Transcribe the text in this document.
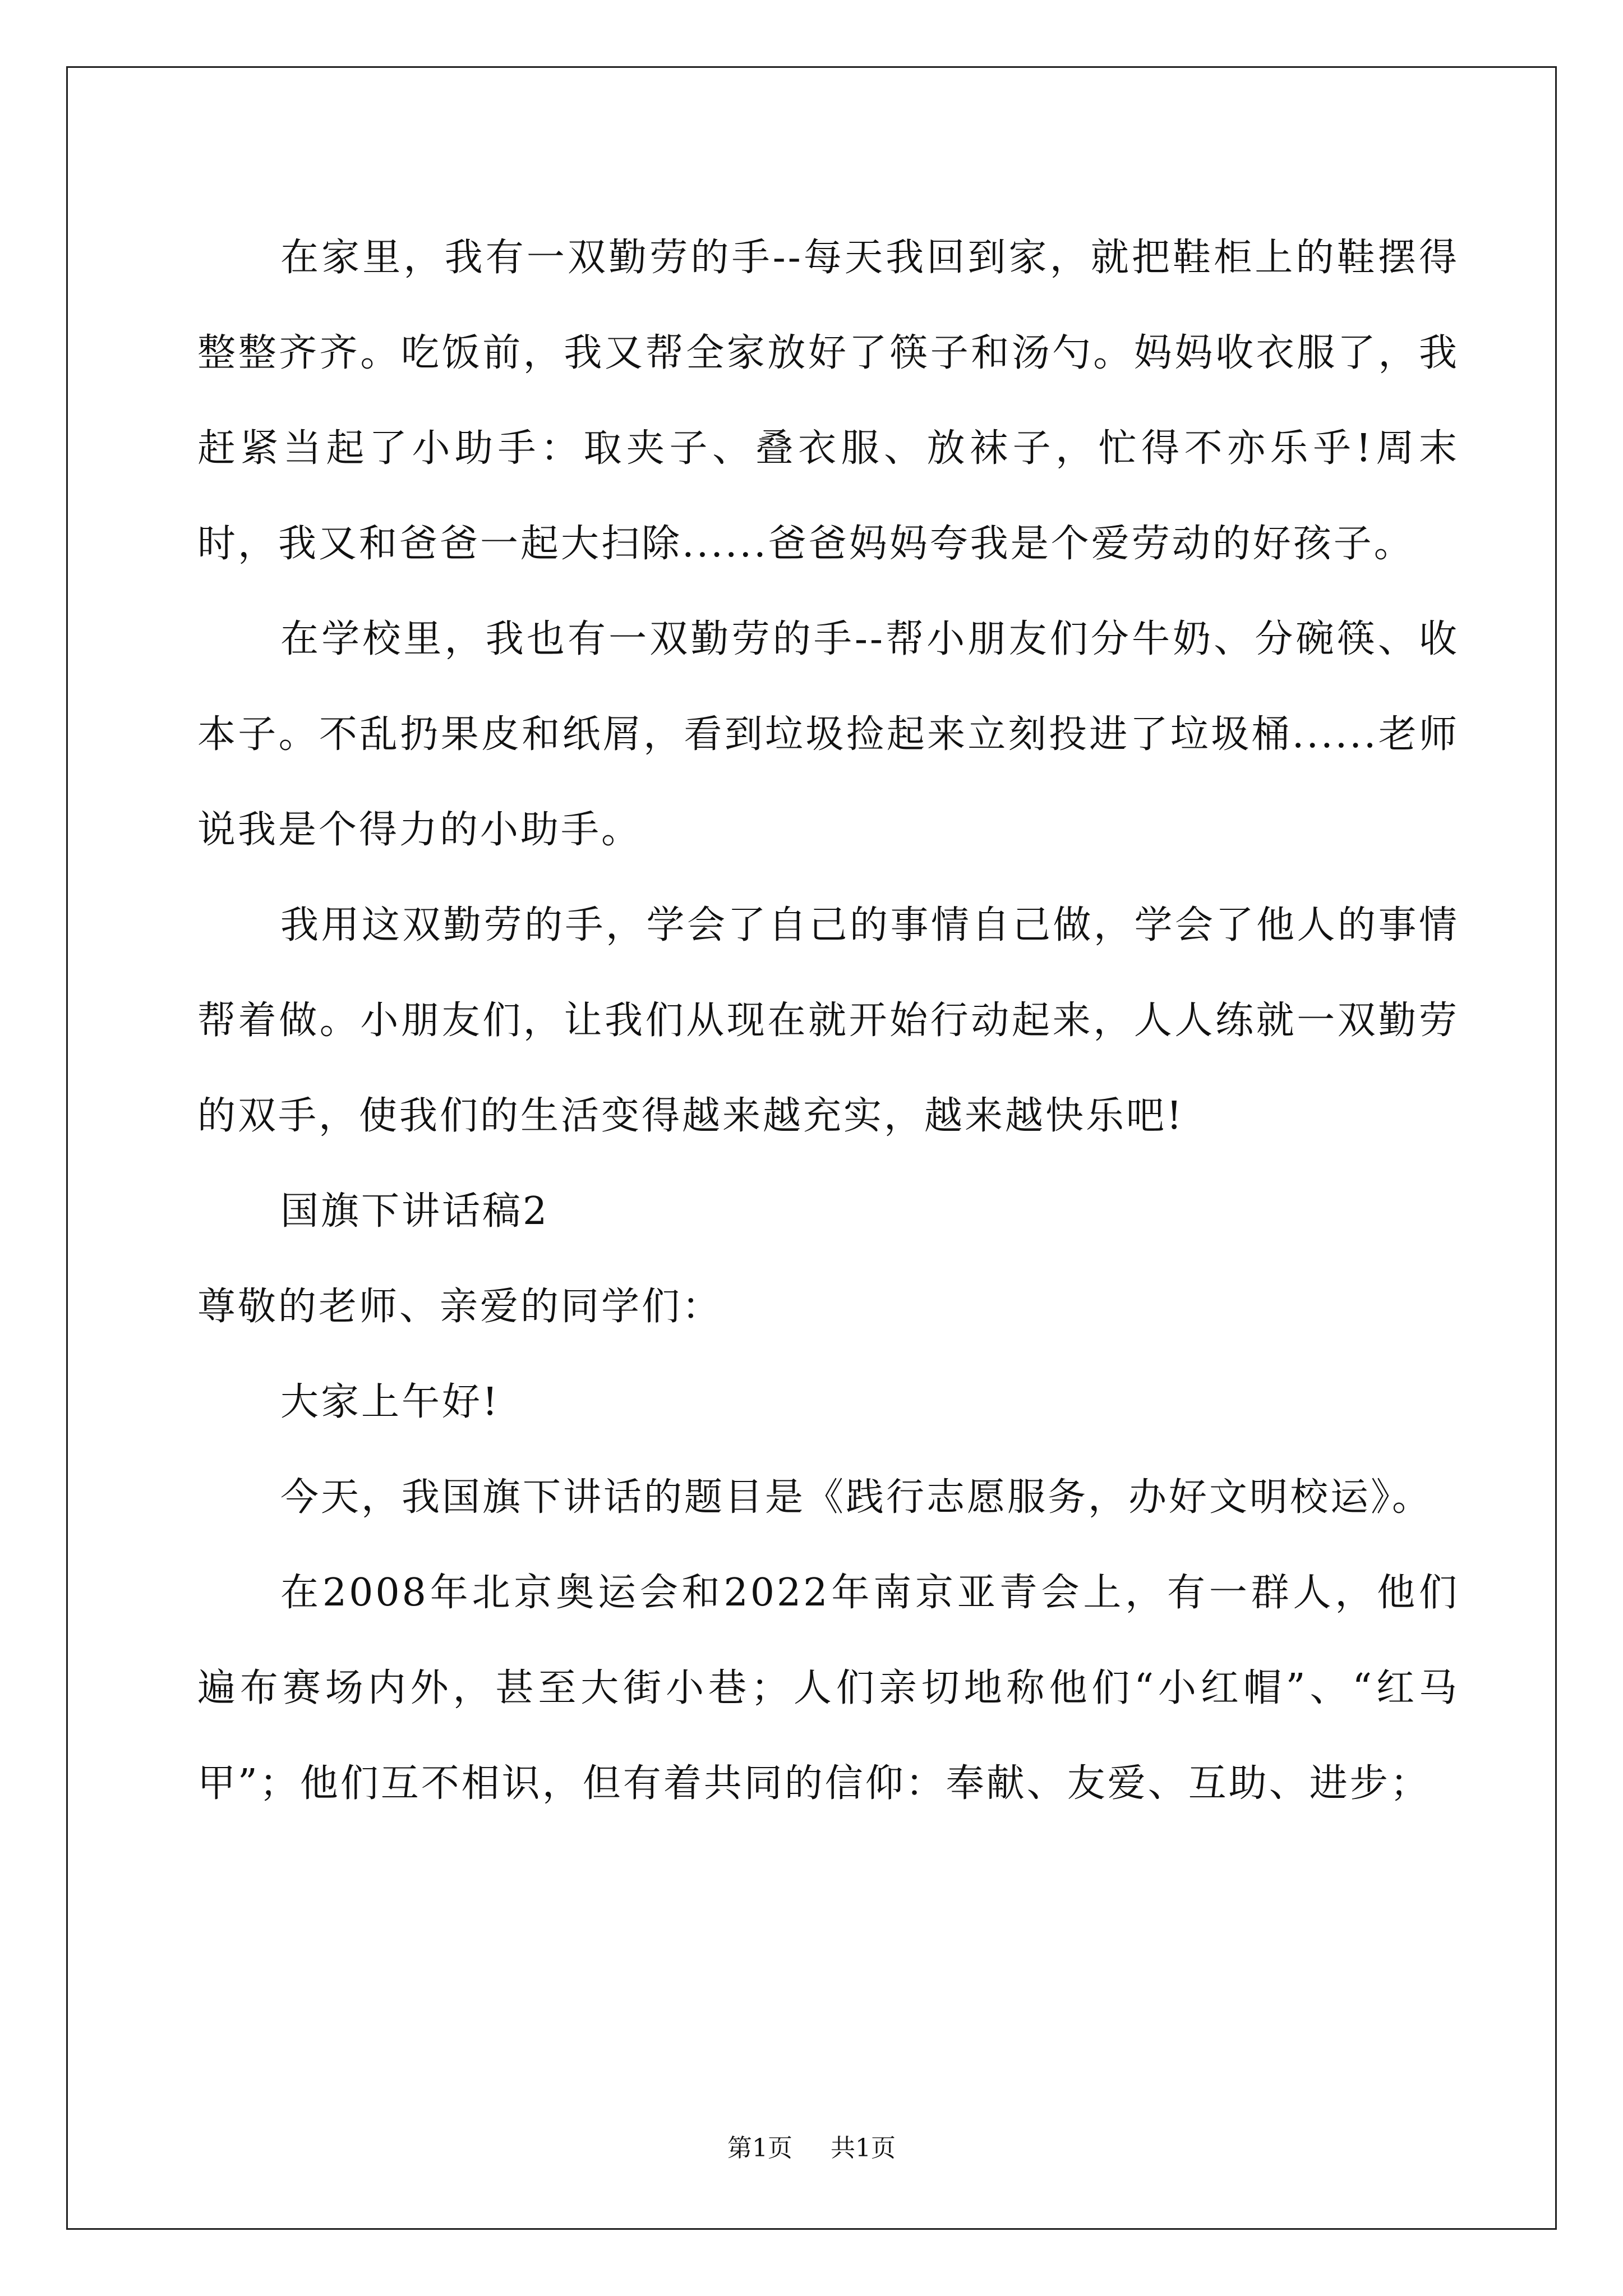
在家里，我有一双勤劳的手--每天我回到家，就把鞋柜上的鞋摆得整整齐齐。吃饭前，我又帮全家放好了筷子和汤勺。妈妈收衣服了，我赶紧当起了小助手：取夹子、叠衣服、放袜子，忙得不亦乐乎!周末时，我又和爸爸一起大扫除......爸爸妈妈夸我是个爱劳动的好孩子。

在学校里，我也有一双勤劳的手--帮小朋友们分牛奶、分碗筷、收本子。不乱扔果皮和纸屑，看到垃圾捡起来立刻投进了垃圾桶......老师说我是个得力的小助手。

我用这双勤劳的手，学会了自己的事情自己做，学会了他人的事情帮着做。小朋友们，让我们从现在就开始行动起来，人人练就一双勤劳的双手，使我们的生活变得越来越充实，越来越快乐吧!

国旗下讲话稿2

尊敬的老师、亲爱的同学们：

大家上午好!

今天，我国旗下讲话的题目是《践行志愿服务，办好文明校运》。

在2008年北京奥运会和2022年南京亚青会上，有一群人，他们遍布赛场内外，甚至大街小巷；人们亲切地称他们“小红帽”、“红马甲”；他们互不相识，但有着共同的信仰：奉献、友爱、互助、进步；

第1页 共1页
